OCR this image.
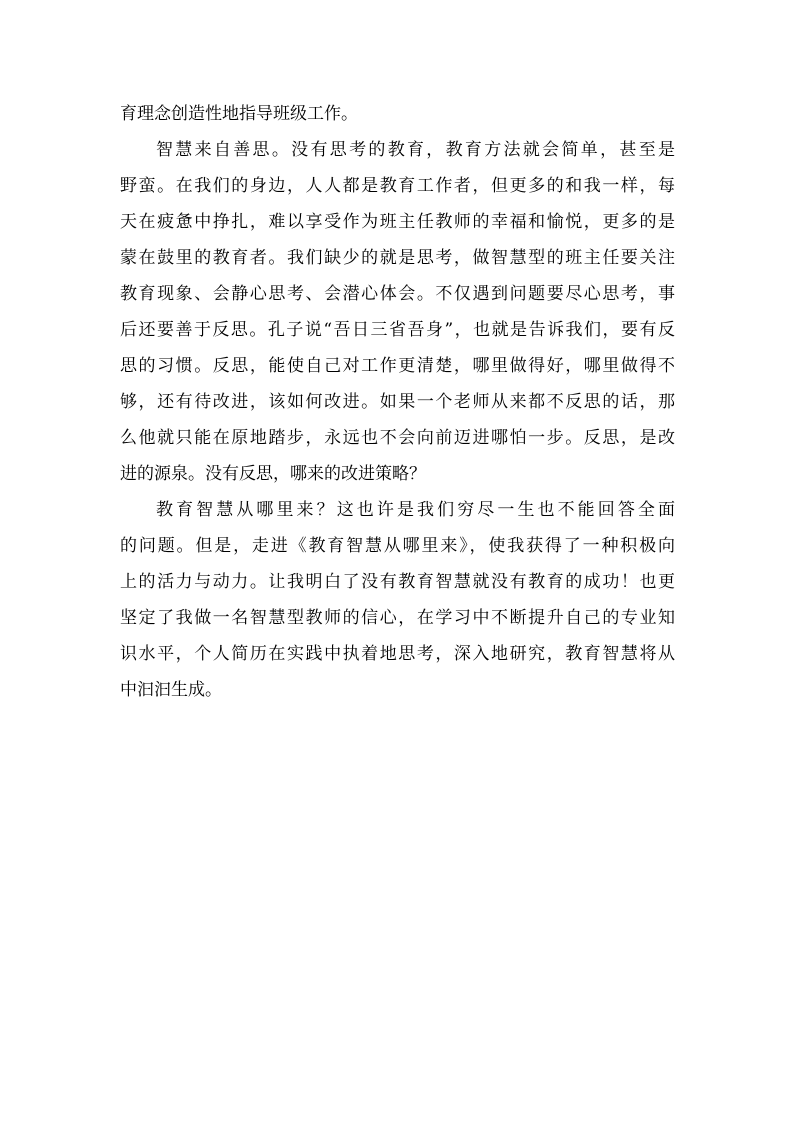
育理念创造性地指导班级工作。
智慧来自善思。没有思考的教育，教育方法就会简单，甚至是
野蛮。在我们的身边，人人都是教育工作者，但更多的和我一样，每
天在疲惫中挣扎，难以享受作为班主任教师的幸福和愉悦，更多的是
蒙在鼓里的教育者。我们缺少的就是思考，做智慧型的班主任要关注
教育现象、会静心思考、会潜心体会。不仅遇到问题要尽心思考，事
后还要善于反思。孔子说“吾日三省吾身”，也就是告诉我们，要有反
思的习惯。反思，能使自己对工作更清楚，哪里做得好，哪里做得不
够，还有待改进，该如何改进。如果一个老师从来都不反思的话，那
么他就只能在原地踏步，永远也不会向前迈进哪怕一步。反思，是改
进的源泉。没有反思，哪来的改进策略？
教育智慧从哪里来？这也许是我们穷尽一生也不能回答全面
的问题。但是，走进《教育智慧从哪里来》，使我获得了一种积极向
上的活力与动力。让我明白了没有教育智慧就没有教育的成功！也更
坚定了我做一名智慧型教师的信心，在学习中不断提升自己的专业知
识水平，个人简历在实践中执着地思考，深入地研究，教育智慧将从
中汩汩生成。
